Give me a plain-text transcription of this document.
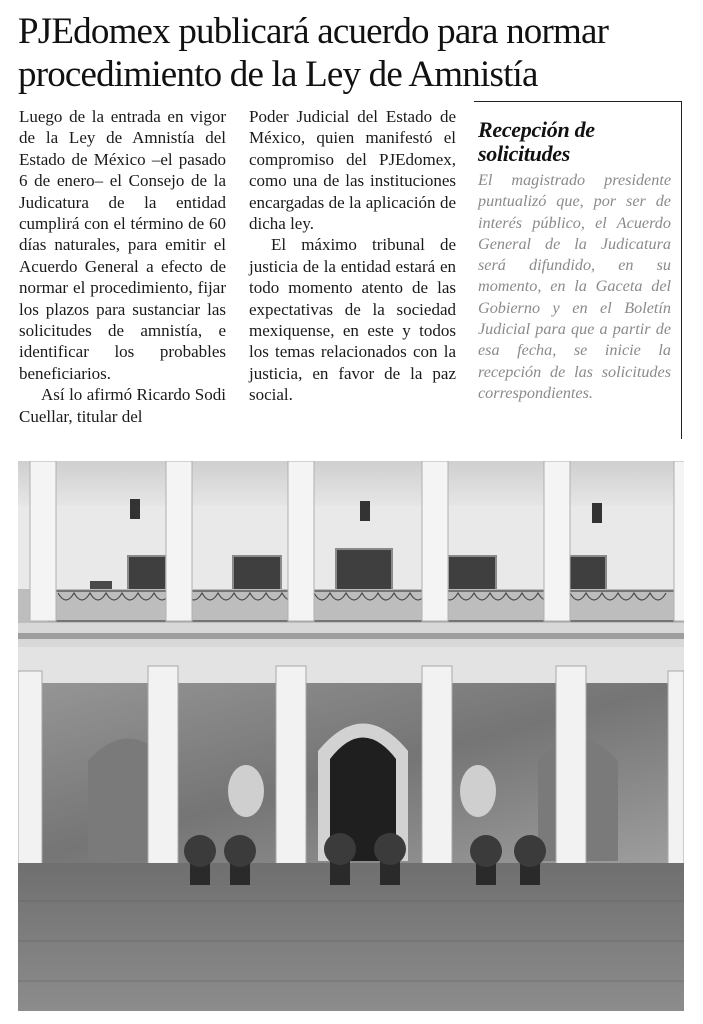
PJEdomex publicará acuerdo para normar procedimiento de la Ley de Amnistía

Luego de la entrada en vigor de la Ley de Amnistía del Estado de México –el pasado 6 de enero– el Consejo de la Judicatura de la entidad cumplirá con el término de 60 días naturales, para emitir el Acuerdo General a efecto de normar el procedimiento, fijar los plazos para sustanciar las solicitudes de amnistía, e identificar los probables beneficiarios.

Así lo afirmó Ricardo Sodi Cuellar, titular del

Poder Judicial del Estado de México, quien manifestó el compromiso del PJEdomex, como una de las instituciones encargadas de la aplicación de dicha ley.

El máximo tribunal de justicia de la entidad estará en todo momento atento de las expectativas de la sociedad mexiquense, en este y todos los temas relacionados con la justicia, en favor de la paz social.

Recepción de solicitudes

El magistrado presidente puntualizó que, por ser de interés público, el Acuerdo General de la Judicatura será difundido, en su momento, en la Gaceta del Gobierno y en el Boletín Judicial para que a partir de esa fecha, se inicie la recepción de las solicitudes correspondientes.
